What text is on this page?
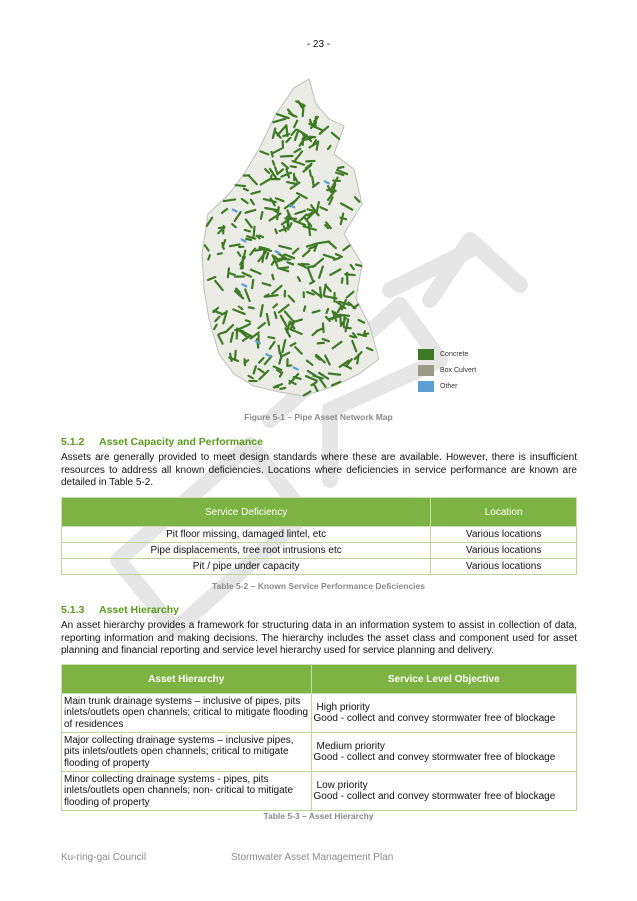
- 23 -
Concrete
Box Culvert
Other
Figure 5-1 – Pipe Asset Network Map
5.1.2 Asset Capacity and Performance
Assets are generally provided to meet design standards where these are available. However, there is insufficient resources to address all known deficiencies. Locations where deficiencies in service performance are known are detailed in Table 5-2.
Service Deficiency	Location
Pit floor missing, damaged lintel, etc	Various locations
Pipe displacements, tree root intrusions etc	Various locations
Pit / pipe under capacity	Various locations
Table 5-2 – Known Service Performance Deficiencies
5.1.3 Asset Hierarchy
An asset hierarchy provides a framework for structuring data in an information system to assist in collection of data, reporting information and making decisions. The hierarchy includes the asset class and component used for asset planning and financial reporting and service level hierarchy used for service planning and delivery.
Asset Hierarchy	Service Level Objective
Main trunk drainage systems – inclusive of pipes, pits inlets/outlets open channels; critical to mitigate flooding of residences	High priority
Good - collect and convey stormwater free of blockage

Major collecting drainage systems – inclusive pipes, pits inlets/outlets open channels; critical to mitigate flooding of property	Medium priority
Good - collect and convey stormwater free of blockage

Minor collecting drainage systems - pipes, pits inlets/outlets open channels; non- critical to mitigate flooding of property	Low priority
Good - collect and convey stormwater free of blockage
Table 5-3 – Asset Hierarchy
Ku-ring-gai Council	Stormwater Asset Management Plan
